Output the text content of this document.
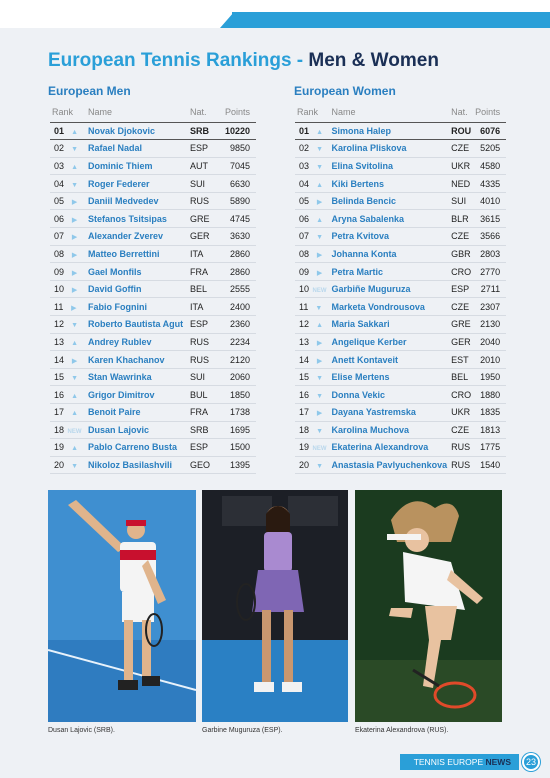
European Tennis Rankings - Men & Women
European Men	European Women
Rank	Name	Nat.	Points
01 ▲	Novak Djokovic	SRB	10220
02 ▼	Rafael Nadal	ESP	9850
03 ▲	Dominic Thiem	AUT	7045
04 ▼	Roger Federer	SUI	6630
05 ▶	Daniil Medvedev	RUS	5890
06 ▶	Stefanos Tsitsipas	GRE	4745
07 ▶	Alexander Zverev	GER	3630
08 ▶	Matteo Berrettini	ITA	2860
09 ▶	Gael Monfils	FRA	2860
10 ▶	David Goffin	BEL	2555
11 ▶	Fabio Fognini	ITA	2400
12 ▼	Roberto Bautista Agut	ESP	2360
13 ▲	Andrey Rublev	RUS	2234
14 ▶	Karen Khachanov	RUS	2120
15 ▼	Stan Wawrinka	SUI	2060
16 ▲	Grigor Dimitrov	BUL	1850
17 ▲	Benoit Paire	FRA	1738
18 NEW	Dusan Lajovic	SRB	1695
19 ▲	Pablo Carreno Busta	ESP	1500
20 ▼	Nikoloz Basilashvili	GEO	1395
Rank	Name	Nat.	Points
01 ▲	Simona Halep	ROU	6076
02 ▼	Karolina Pliskova	CZE	5205
03 ▼	Elina Svitolina	UKR	4580
04 ▲	Kiki Bertens	NED	4335
05 ▶	Belinda Bencic	SUI	4010
06 ▲	Aryna Sabalenka	BLR	3615
07 ▼	Petra Kvitova	CZE	3566
08 ▶	Johanna Konta	GBR	2803
09 ▶	Petra Martic	CRO	2770
10 NEW	Garbiñe Muguruza	ESP	2711
11 ▼	Marketa Vondrousova	CZE	2307
12 ▲	Maria Sakkari	GRE	2130
13 ▶	Angelique Kerber	GER	2040
14 ▶	Anett Kontaveit	EST	2010
15 ▼	Elise Mertens	BEL	1950
16 ▼	Donna Vekic	CRO	1880
17 ▶	Dayana Yastremska	UKR	1835
18 ▼	Karolina Muchova	CZE	1813
19 NEW	Ekaterina Alexandrova	RUS	1775
20 ▼	Anastasia Pavlyuchenkova	RUS	1540
Dusan Lajovic (SRB).	Garbine Muguruza (ESP).	Ekaterina Alexandrova (RUS).
TENNIS EUROPE NEWS	23
